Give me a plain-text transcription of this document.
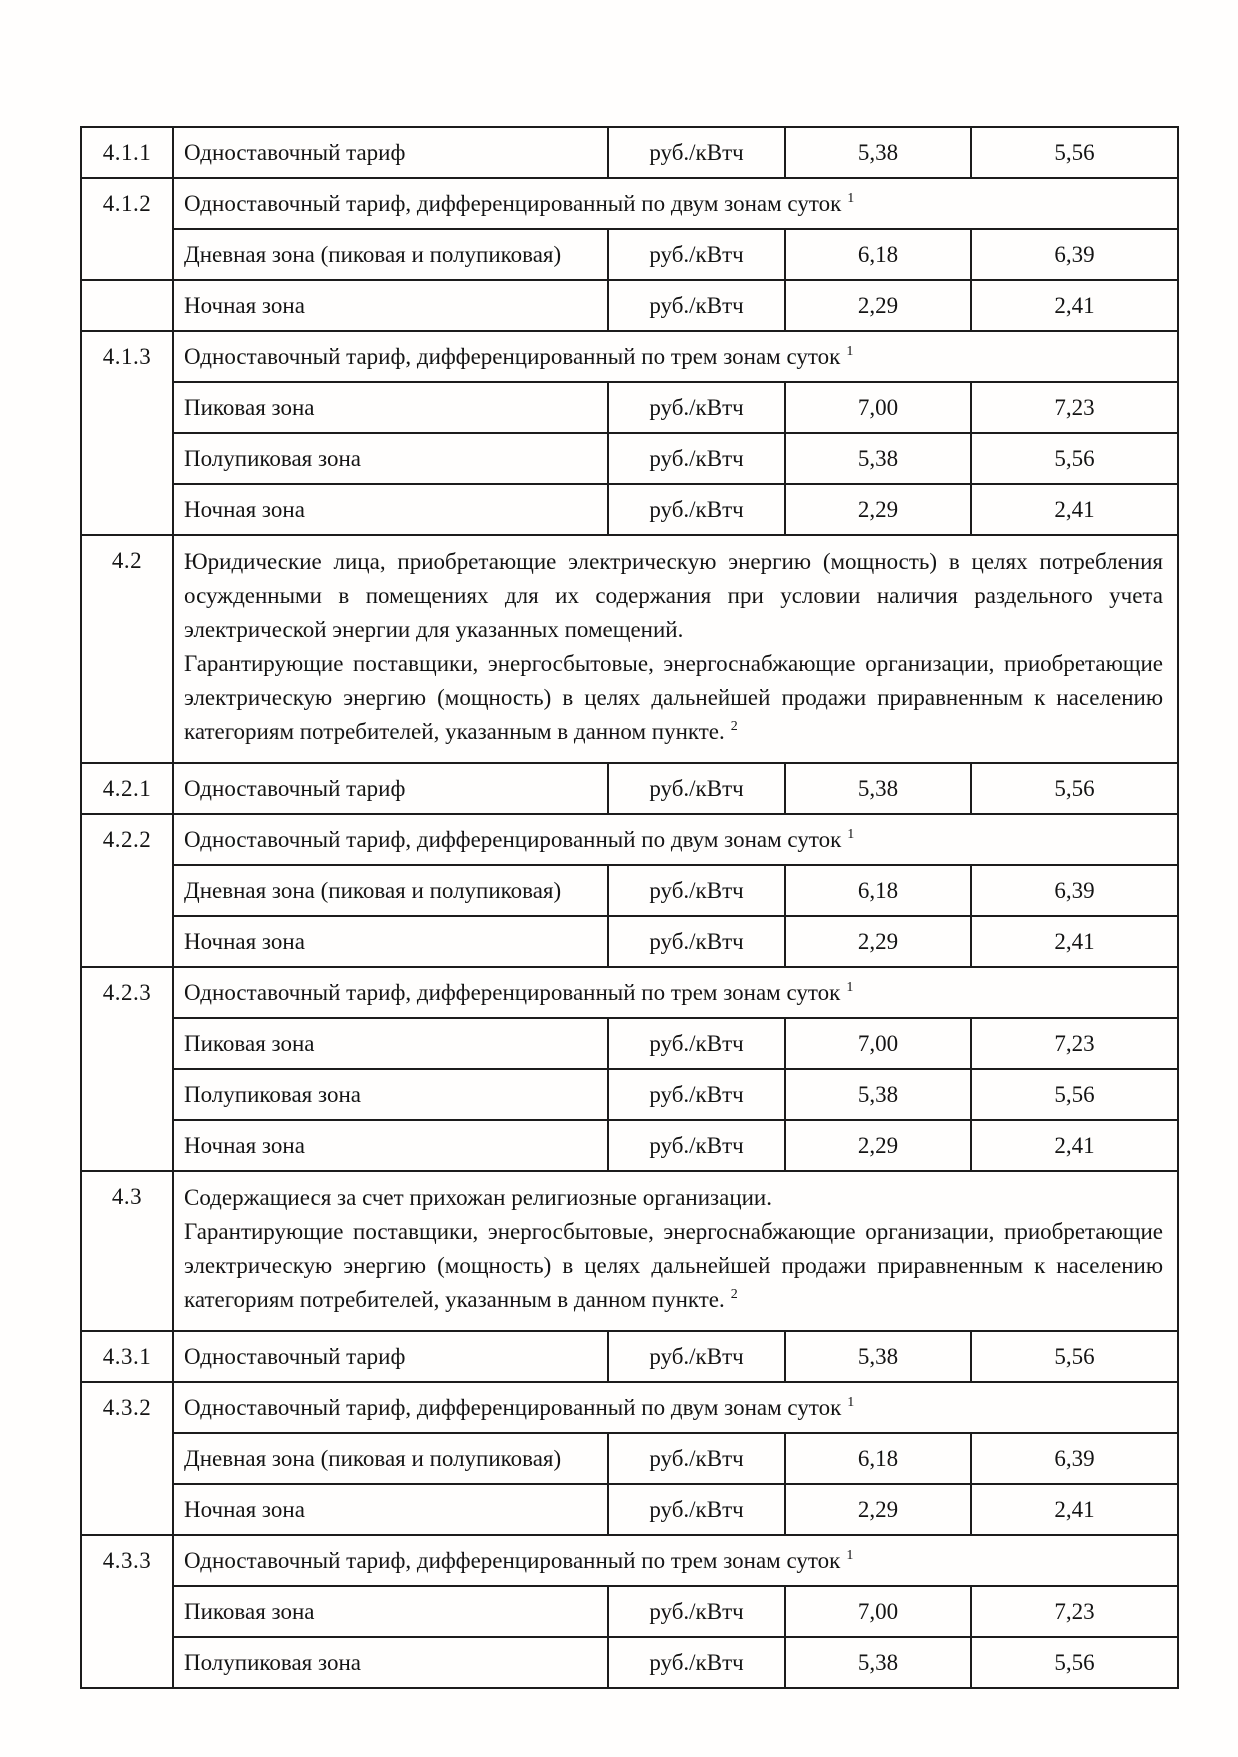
4.1.1	Одноставочный тариф	руб./кВтч	5,38	5,56
4.1.2	Одноставочный тариф, дифференцированный по двум зонам суток $^1$
	Дневная зона (пиковая и полупиковая)	руб./кВтч	6,18	6,39
	Ночная зона	руб./кВтч	2,29	2,41
4.1.3	Одноставочный тариф, дифференцированный по трем зонам суток $^1$
	Пиковая зона	руб./кВтч	7,00	7,23
	Полупиковая зона	руб./кВтч	5,38	5,56
	Ночная зона	руб./кВтч	2,29	2,41
4.2	Юридические лица, приобретающие электрическую энергию (мощность) в целях потребления осужденными в помещениях для их содержания при условии наличия раздельного учета электрической энергии для указанных помещений.

Гарантирующие поставщики, энергосбытовые, энергоснабжающие организации, приобретающие электрическую энергию (мощность) в целях дальнейшей продажи приравненным к населению категориям потребителей, указанным в данном пункте. $^2$

4.2.1	Одноставочный тариф	руб./кВтч	5,38	5,56
4.2.2	Одноставочный тариф, дифференцированный по двум зонам суток $^1$
	Дневная зона (пиковая и полупиковая)	руб./кВтч	6,18	6,39
	Ночная зона	руб./кВтч	2,29	2,41
4.2.3	Одноставочный тариф, дифференцированный по трем зонам суток $^1$
	Пиковая зона	руб./кВтч	7,00	7,23
	Полупиковая зона	руб./кВтч	5,38	5,56
	Ночная зона	руб./кВтч	2,29	2,41
4.3	Содержащиеся за счет прихожан религиозные организации.

Гарантирующие поставщики, энергосбытовые, энергоснабжающие организации, приобретающие электрическую энергию (мощность) в целях дальнейшей продажи приравненным к населению категориям потребителей, указанным в данном пункте. $^2$

4.3.1	Одноставочный тариф	руб./кВтч	5,38	5,56
4.3.2	Одноставочный тариф, дифференцированный по двум зонам суток $^1$
	Дневная зона (пиковая и полупиковая)	руб./кВтч	6,18	6,39
	Ночная зона	руб./кВтч	2,29	2,41
4.3.3	Одноставочный тариф, дифференцированный по трем зонам суток $^1$
	Пиковая зона	руб./кВтч	7,00	7,23
	Полупиковая зона	руб./кВтч	5,38	5,56
